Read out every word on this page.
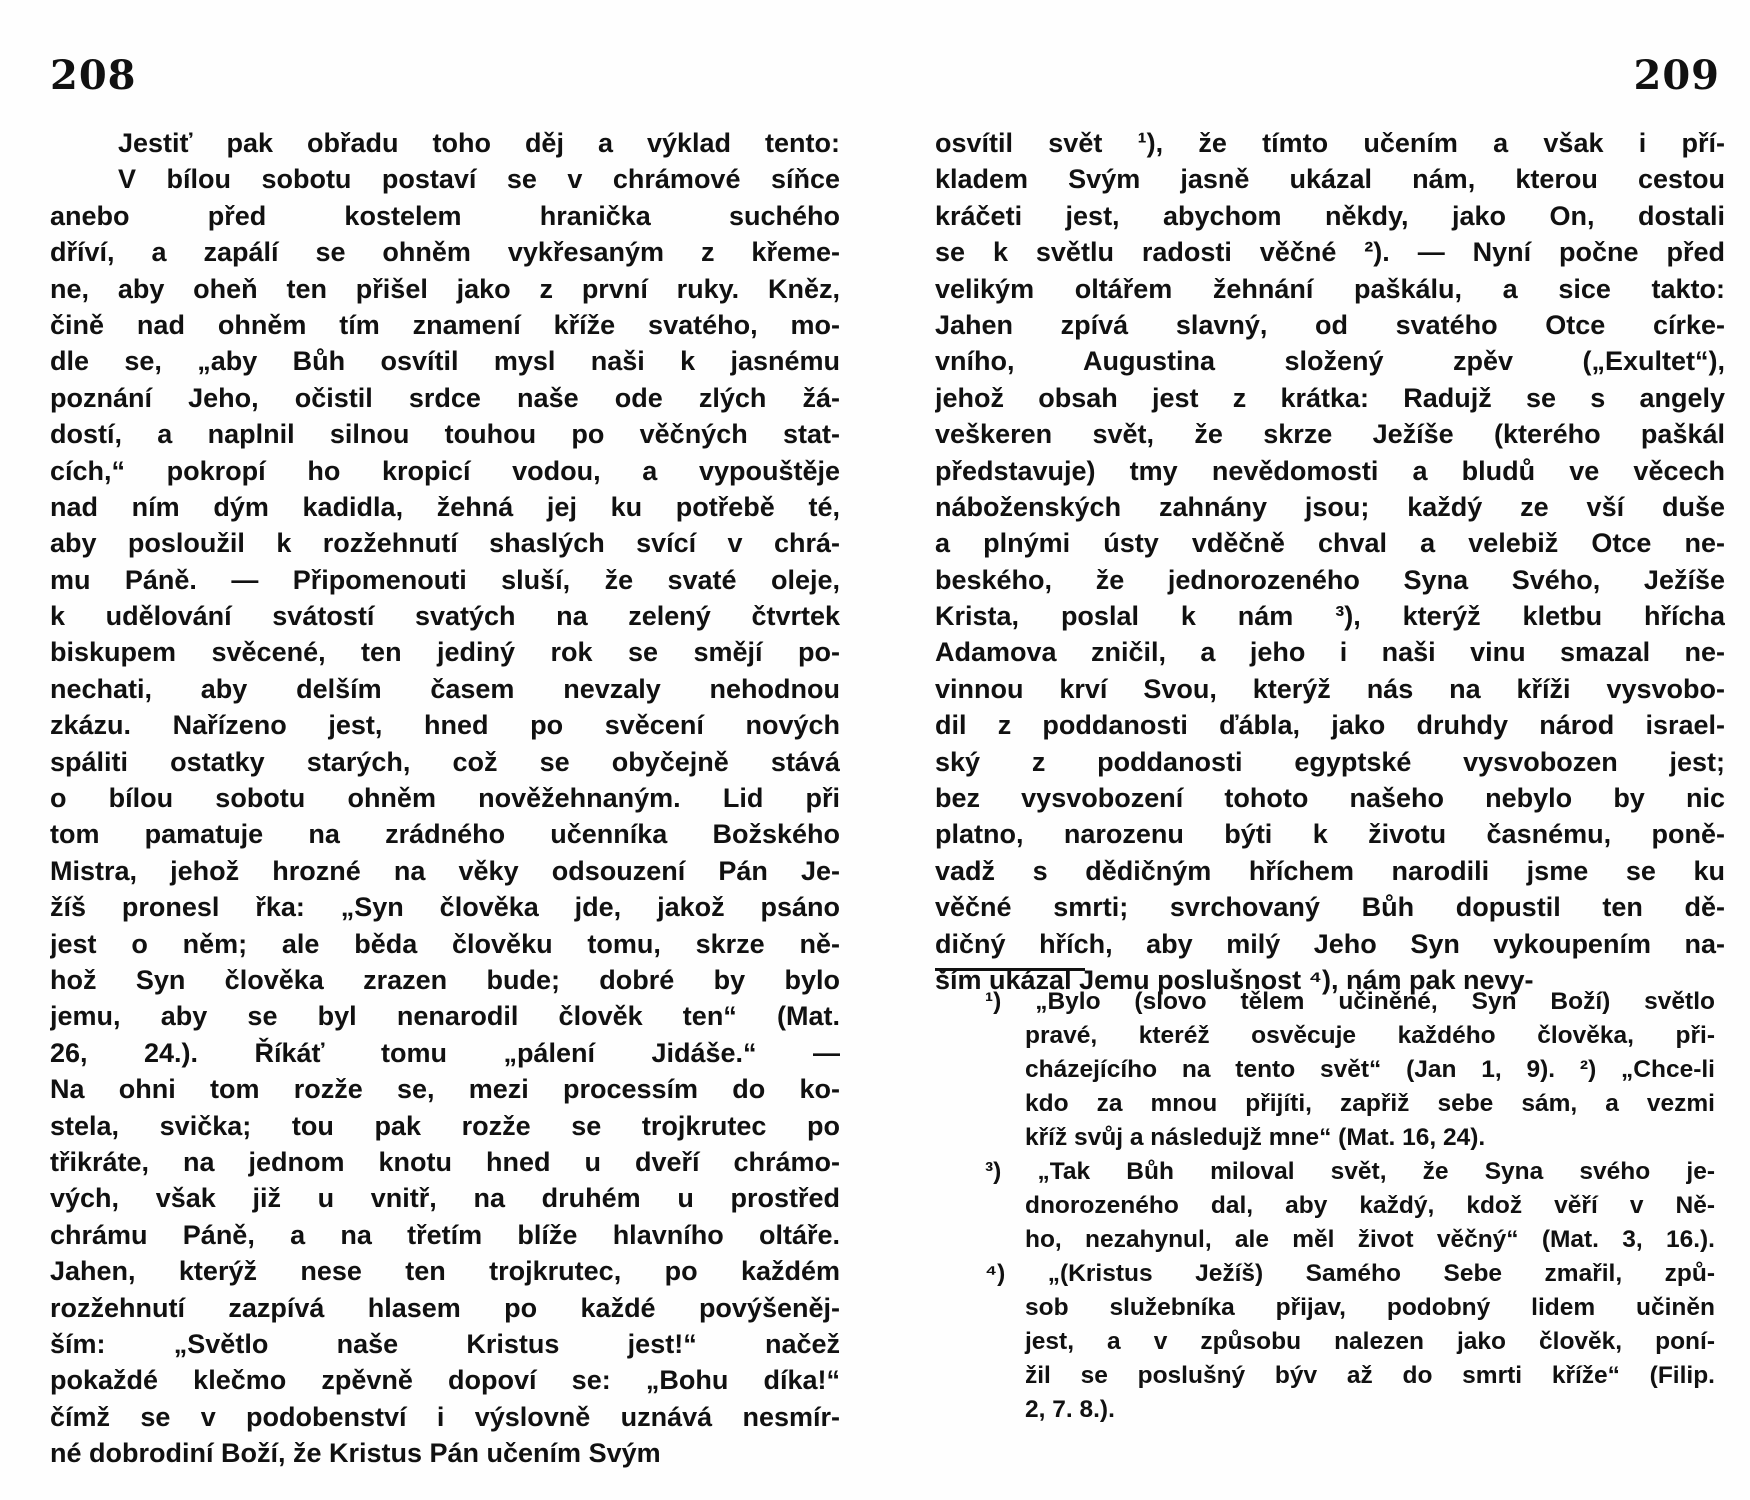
208
Jestiť pak obřadu toho děj a výklad tento:
V bílou sobotu postaví se v chrámové síňce
anebo před kostelem hranička suchého
dříví, a zapálí se ohněm vykřesaným z křeme-
ne, aby oheň ten přišel jako z první ruky. Kněz,
čině nad ohněm tím znamení kříže svatého, mo-
dle se, „aby Bůh osvítil mysl naši k jasnému
poznání Jeho, očistil srdce naše ode zlých žá-
dostí, a naplnil silnou touhou po věčných stat-
cích,“ pokropí ho kropicí vodou, a vypouštěje
nad ním dým kadidla, žehná jej ku potřebě té,
aby posloužil k rozžehnutí shaslých svící v chrá-
mu Páně. — Připomenouti sluší, že svaté oleje,
k udělování svátostí svatých na zelený čtvrtek
biskupem svěcené, ten jediný rok se smějí po-
nechati, aby delším časem nevzaly nehodnou
zkázu. Nařízeno jest, hned po svěcení nových
spáliti ostatky starých, což se obyčejně stává
o bílou sobotu ohněm nověžehnaným. Lid při
tom pamatuje na zrádného učenníka Božského
Mistra, jehož hrozné na věky odsouzení Pán Je-
žíš pronesl řka: „Syn člověka jde, jakož psáno
jest o něm; ale běda člověku tomu, skrze ně-
hož Syn člověka zrazen bude; dobré by bylo
jemu, aby se byl nenarodil člověk ten“ (Mat.
26, 24.). Říkáť tomu „pálení Jidáše.“ —
Na ohni tom rozže se, mezi processím do ko-
stela, svička; tou pak rozže se trojkrutec po
třikráte, na jednom knotu hned u dveří chrámo-
vých, však již u vnitř, na druhém u prostřed
chrámu Páně, a na třetím blíže hlavního oltáře.
Jahen, kterýž nese ten trojkrutec, po každém
rozžehnutí zazpívá hlasem po každé povýšeněj-
ším: „Světlo naše Kristus jest!“ načež
pokaždé klečmo zpěvně dopoví se: „Bohu díka!“
čímž se v podobenství i výslovně uznává nesmír-
né dobrodiní Boží, že Kristus Pán učením Svým
209
osvítil svět ¹), že tímto učením a však i pří-
kladem Svým jasně ukázal nám, kterou cestou
kráčeti jest, abychom někdy, jako On, dostali
se k světlu radosti věčné ²). — Nyní počne před
velikým oltářem žehnání paškálu, a sice takto:
Jahen zpívá slavný, od svatého Otce círke-
vního, Augustina složený zpěv („Exultet“),
jehož obsah jest z krátka: Radujž se s angely
veškeren svět, že skrze Ježíše (kterého paškál
představuje) tmy nevědomosti a bludů ve věcech
náboženských zahnány jsou; každý ze vší duše
a plnými ústy vděčně chval a velebiž Otce ne-
beského, že jednorozeného Syna Svého, Ježíše
Krista, poslal k nám ³), kterýž kletbu hřícha
Adamova zničil, a jeho i naši vinu smazal ne-
vinnou krví Svou, kterýž nás na kříži vysvobo-
dil z poddanosti ďábla, jako druhdy národ israel-
ský z poddanosti egyptské vysvobozen jest;
bez vysvobození tohoto našeho nebylo by nic
platno, narozenu býti k životu časnému, poně-
vadž s dědičným hříchem narodili jsme se ku
věčné smrti; svrchovaný Bůh dopustil ten dě-
dičný hřích, aby milý Jeho Syn vykoupením na-
ším ukázal Jemu poslušnost ⁴), nám pak nevy-
¹) „Bylo (slovo tělem učiněné, Syn Boží) světlo
pravé, kteréž osvěcuje každého člověka, při-
cházejícího na tento svět“ (Jan 1, 9). ²) „Chce-li
kdo za mnou přijíti, zapřiž sebe sám, a vezmi
kříž svůj a následujž mne“ (Mat. 16, 24).
³) „Tak Bůh miloval svět, že Syna svého je-
dnorozeného dal, aby každý, kdož věří v Ně-
ho, nezahynul, ale měl život věčný“ (Mat. 3, 16.).
⁴) „(Kristus Ježíš) Samého Sebe zmařil, způ-
sob služebníka přijav, podobný lidem učiněn
jest, a v způsobu nalezen jako člověk, poní-
žil se poslušný býv až do smrti kříže“ (Filip.
2, 7. 8.).
